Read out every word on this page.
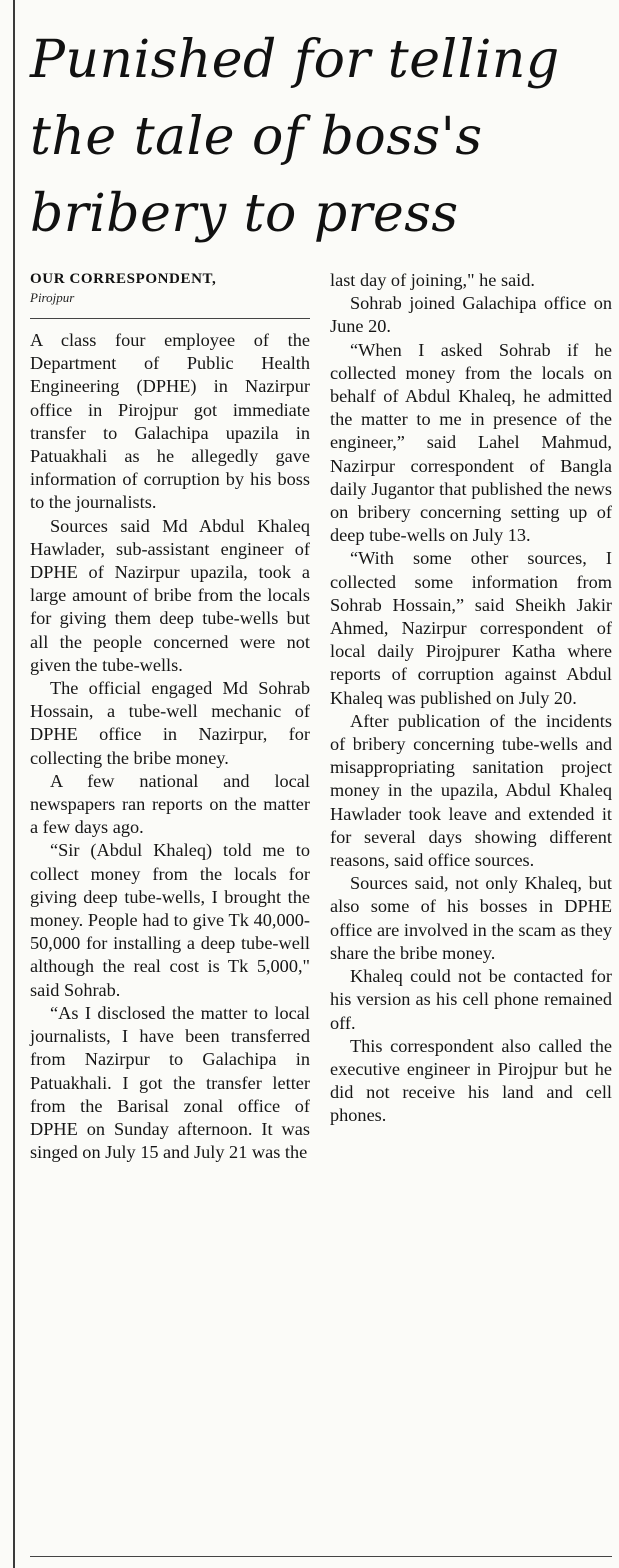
Punished for telling
the tale of boss's
bribery to press
OUR CORRESPONDENT,
Pirojpur

A class four employee of the Department of Public Health Engineering (DPHE) in Nazirpur office in Pirojpur got immediate transfer to Galachipa upazila in Patuakhali as he allegedly gave information of corruption by his boss to the journalists.

Sources said Md Abdul Khaleq Hawlader, sub-assistant engineer of DPHE of Nazirpur upazila, took a large amount of bribe from the locals for giving them deep tube-wells but all the people concerned were not given the tube-wells.

The official engaged Md Sohrab Hossain, a tube-well mechanic of DPHE office in Nazirpur, for collecting the bribe money.

A few national and local newspapers ran reports on the matter a few days ago.

“Sir (Abdul Khaleq) told me to collect money from the locals for giving deep tube-wells, I brought the money. People had to give Tk 40,000-50,000 for installing a deep tube-well although the real cost is Tk 5,000," said Sohrab.

“As I disclosed the matter to local journalists, I have been transferred from Nazirpur to Galachipa in Patuakhali. I got the transfer letter from the Barisal zonal office of DPHE on Sunday afternoon. It was singed on July 15 and July 21 was the

last day of joining," he said.

Sohrab joined Galachipa office on June 20.

“When I asked Sohrab if he collected money from the locals on behalf of Abdul Khaleq, he admitted the matter to me in presence of the engineer,” said Lahel Mahmud, Nazirpur correspondent of Bangla daily Jugantor that published the news on bribery concerning setting up of deep tube-wells on July 13.

“With some other sources, I collected some information from Sohrab Hossain,” said Sheikh Jakir Ahmed, Nazirpur correspondent of local daily Pirojpurer Katha where reports of corruption against Abdul Khaleq was published on July 20.

After publication of the incidents of bribery concerning tube-wells and misappropriating sanitation project money in the upazila, Abdul Khaleq Hawlader took leave and extended it for several days showing different reasons, said office sources.

Sources said, not only Khaleq, but also some of his bosses in DPHE office are involved in the scam as they share the bribe money.

Khaleq could not be contacted for his version as his cell phone remained off.

This correspondent also called the executive engineer in Pirojpur but he did not receive his land and cell phones.
